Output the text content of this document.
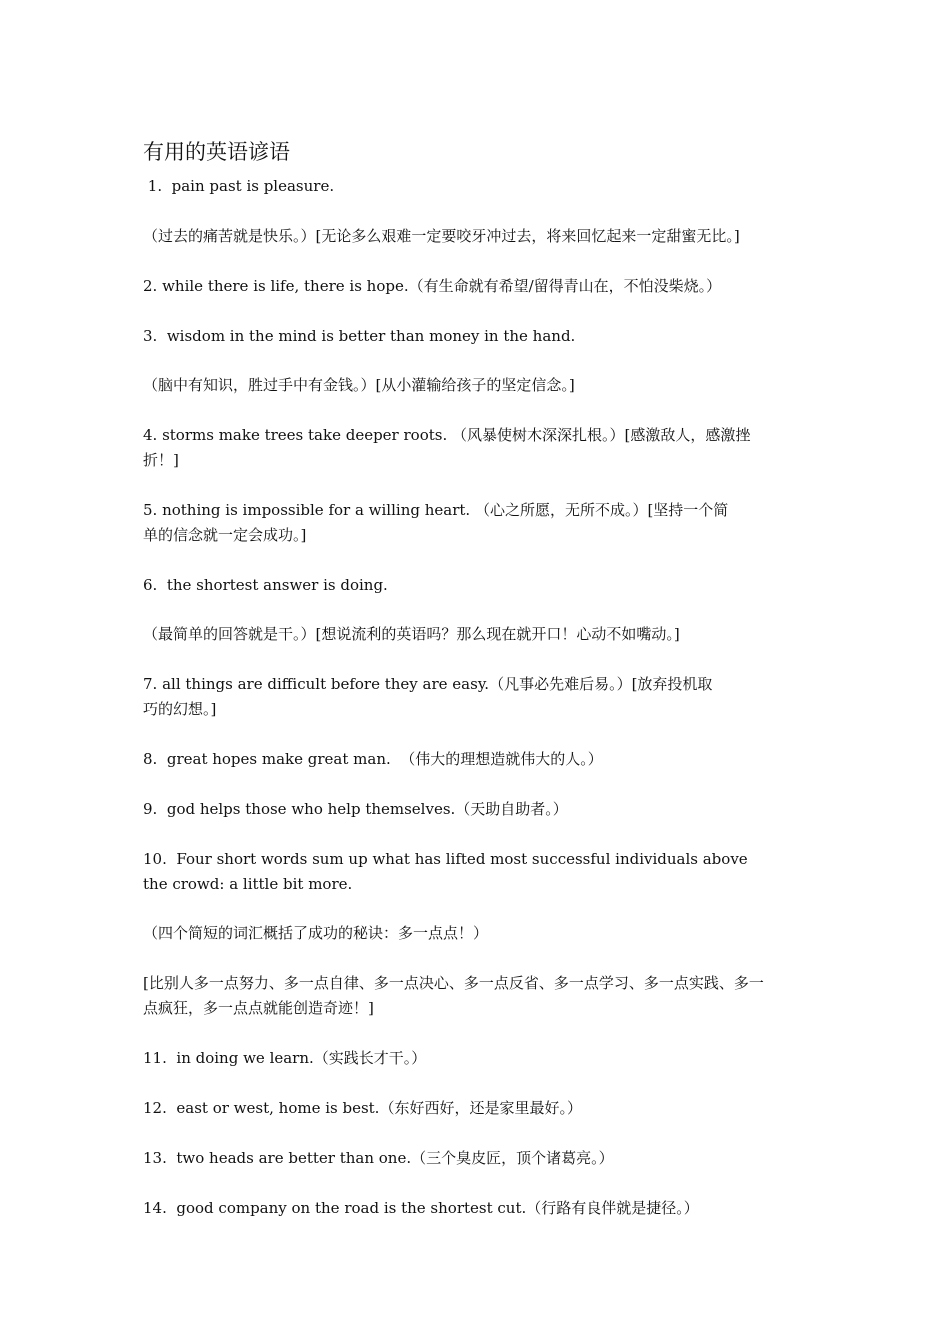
有用的英语谚语
1.  pain past is pleasure.
（过去的痛苦就是快乐。）[无论多么艰难一定要咬牙冲过去，将来回忆起来一定甜蜜无比。]
2. while there is life, there is hope.（有生命就有希望/留得青山在，不怕没柴烧。）
3.  wisdom in the mind is better than money in the hand.
（脑中有知识，胜过手中有金钱。）[从小灌输给孩子的坚定信念。]
4. storms make trees take deeper roots. （风暴使树木深深扎根。）[感激敌人，感激挫
折！]
5. nothing is impossible for a willing heart. （心之所愿，无所不成。）[坚持一个简
单的信念就一定会成功。]
6.  the shortest answer is doing.
（最简单的回答就是干。）[想说流利的英语吗？那么现在就开口！心动不如嘴动。]
7. all things are difficult before they are easy.（凡事必先难后易。）[放弃投机取
巧的幻想。]
8.  great hopes make great man.  （伟大的理想造就伟大的人。）
9.  god helps those who help themselves.（天助自助者。）
10.  Four short words sum up what has lifted most successful individuals above
the crowd: a little bit more.
（四个简短的词汇概括了成功的秘诀：多一点点！）
[比别人多一点努力、多一点自律、多一点决心、多一点反省、多一点学习、多一点实践、多一
点疯狂，多一点点就能创造奇迹！]
11.  in doing we learn.（实践长才干。）
12.  east or west, home is best.（东好西好，还是家里最好。）
13.  two heads are better than one.（三个臭皮匠，顶个诸葛亮。）
14.  good company on the road is the shortest cut.（行路有良伴就是捷径。）
